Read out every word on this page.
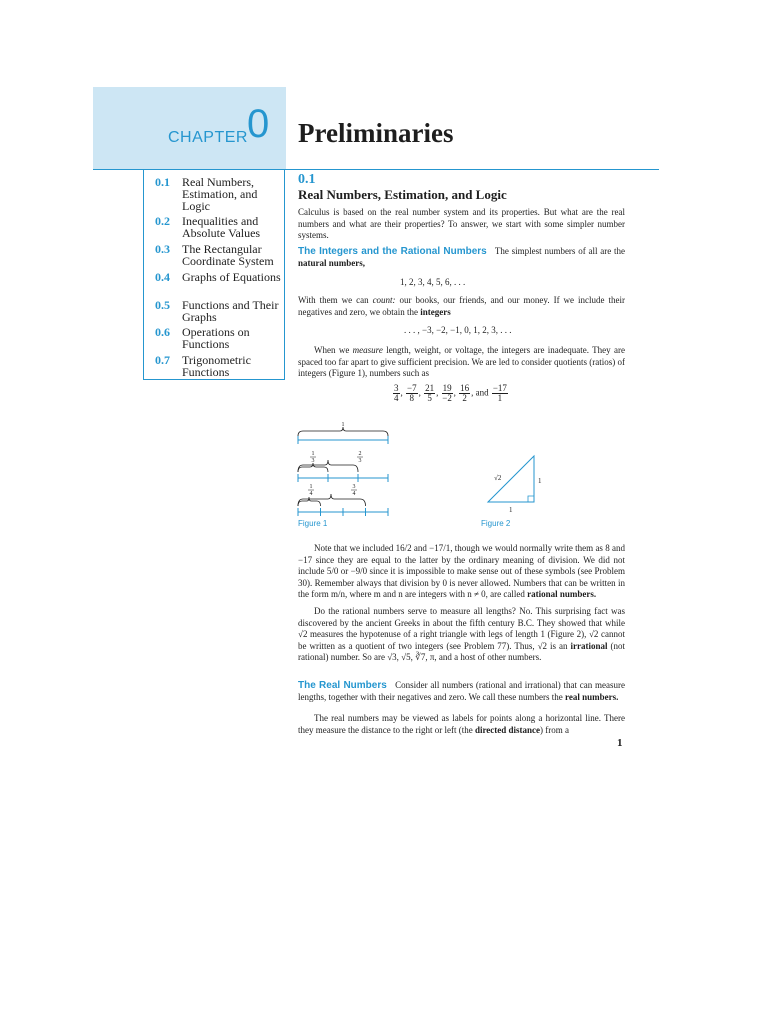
CHAPTER 0 Preliminaries
0.1 Real Numbers, Estimation, and Logic
0.2 Inequalities and Absolute Values
0.3 The Rectangular Coordinate System
0.4 Graphs of Equations
0.5 Functions and Their Graphs
0.6 Operations on Functions
0.7 Trigonometric Functions
0.1
Real Numbers, Estimation, and Logic
Calculus is based on the real number system and its properties. But what are the real numbers and what are their properties? To answer, we start with some simpler number systems.
The Integers and the Rational Numbers The simplest numbers of all are the natural numbers,
1, 2, 3, 4, 5, 6, . . .
With them we can count: our books, our friends, and our money. If we include their negatives and zero, we obtain the integers
. . . , −3, −2, −1, 0, 1, 2, 3, . . .
When we measure length, weight, or voltage, the integers are inadequate. They are spaced too far apart to give sufficient precision. We are led to consider quotients (ratios) of integers (Figure 1), numbers such as
$\frac{3}{4}$ , $\frac{-7}{8}$ , $\frac{21}{5}$ , $\frac{19}{-2}$ , $\frac{16}{2}$ , and $\frac{-17}{1}$
1
1
3
2
3
1
4
3
4
Figure 1
√2	1
1
Figure 2
Note that we included 16/2 and −17/1, though we would normally write them as 8 and −17 since they are equal to the latter by the ordinary meaning of division. We did not include 5/0 or −9/0 since it is impossible to make sense out of these symbols (see Problem 30). Remember always that division by 0 is never allowed. Numbers that can be written in the form m/n, where m and n are integers with n ≠ 0, are called rational numbers.
Do the rational numbers serve to measure all lengths? No. This surprising fact was discovered by the ancient Greeks in about the fifth century B.C. They showed that while √2 measures the hypotenuse of a right triangle with legs of length 1 (Figure 2), √2 cannot be written as a quotient of two integers (see Problem 77). Thus, √2 is an irrational (not rational) number. So are √3, √5, ∛7, π, and a host of other numbers.
The Real Numbers Consider all numbers (rational and irrational) that can measure lengths, together with their negatives and zero. We call these numbers the real numbers.
The real numbers may be viewed as labels for points along a horizontal line. There they measure the distance to the right or left (the directed distance) from a
1
